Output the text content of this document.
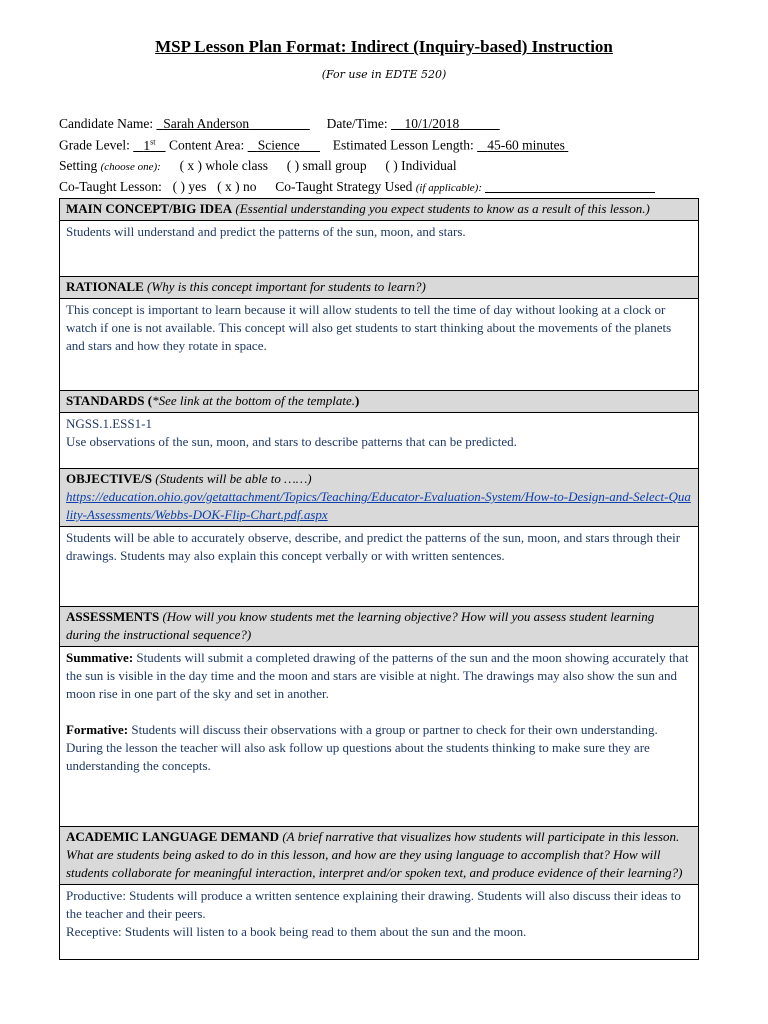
MSP Lesson Plan Format: Indirect (Inquiry-based) Instruction
(For use in EDTE 520)
Candidate Name: Sarah Anderson	Date/Time: 10/1/2018
Grade Level: 1st Content Area: Science Estimated Lesson Length: 45-60 minutes
Setting (choose one): ( x ) whole class ( ) small group ( ) Individual
Co-Taught Lesson: ( ) yes ( x ) no Co-Taught Strategy Used (if applicable):
MAIN CONCEPT/BIG IDEA (Essential understanding you expect students to know as a result of this lesson.)
Students will understand and predict the patterns of the sun, moon, and stars.
RATIONALE (Why is this concept important for students to learn?)
This concept is important to learn because it will allow students to tell the time of day without looking at a clock or watch if one is not available. This concept will also get students to start thinking about the movements of the planets and stars and how they rotate in space.
STANDARDS (*See link at the bottom of the template.)
NGSS.1.ESS1-1
Use observations of the sun, moon, and stars to describe patterns that can be predicted.
OBJECTIVE/S (Students will be able to ……)
https://education.ohio.gov/getattachment/Topics/Teaching/Educator-Evaluation-System/How-to-Design-and-Select-Quality-Assessments/Webbs-DOK-Flip-Chart.pdf.aspx
Students will be able to accurately observe, describe, and predict the patterns of the sun, moon, and stars through their drawings. Students may also explain this concept verbally or with written sentences.
ASSESSMENTS (How will you know students met the learning objective? How will you assess student learning during the instructional sequence?)
Summative: Students will submit a completed drawing of the patterns of the sun and the moon showing accurately that the sun is visible in the day time and the moon and stars are visible at night. The drawings may also show the sun and moon rise in one part of the sky and set in another.
Formative: Students will discuss their observations with a group or partner to check for their own understanding. During the lesson the teacher will also ask follow up questions about the students thinking to make sure they are understanding the concepts.
ACADEMIC LANGUAGE DEMAND (A brief narrative that visualizes how students will participate in this lesson. What are students being asked to do in this lesson, and how are they using language to accomplish that? How will students collaborate for meaningful interaction, interpret and/or spoken text, and produce evidence of their learning?)
Productive: Students will produce a written sentence explaining their drawing. Students will also discuss their ideas to the teacher and their peers.
Receptive: Students will listen to a book being read to them about the sun and the moon.
